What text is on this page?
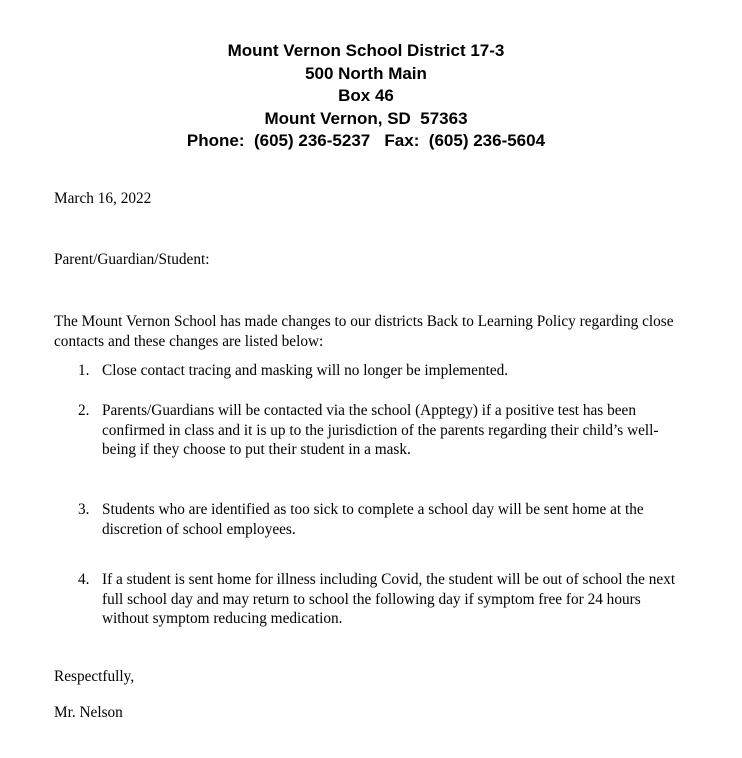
Mount Vernon School District 17-3
500 North Main
Box 46
Mount Vernon, SD  57363
Phone:  (605) 236-5237   Fax:  (605) 236-5604
March 16, 2022
Parent/Guardian/Student:
The Mount Vernon School has made changes to our districts Back to Learning Policy regarding close contacts and these changes are listed below:
1. Close contact tracing and masking will no longer be implemented.
2. Parents/Guardians will be contacted via the school (Apptegy) if a positive test has been confirmed in class and it is up to the jurisdiction of the parents regarding their child’s well-being if they choose to put their student in a mask.
3. Students who are identified as too sick to complete a school day will be sent home at the discretion of school employees.
4. If a student is sent home for illness including Covid, the student will be out of school the next full school day and may return to school the following day if symptom free for 24 hours without symptom reducing medication.
Respectfully,
Mr. Nelson
